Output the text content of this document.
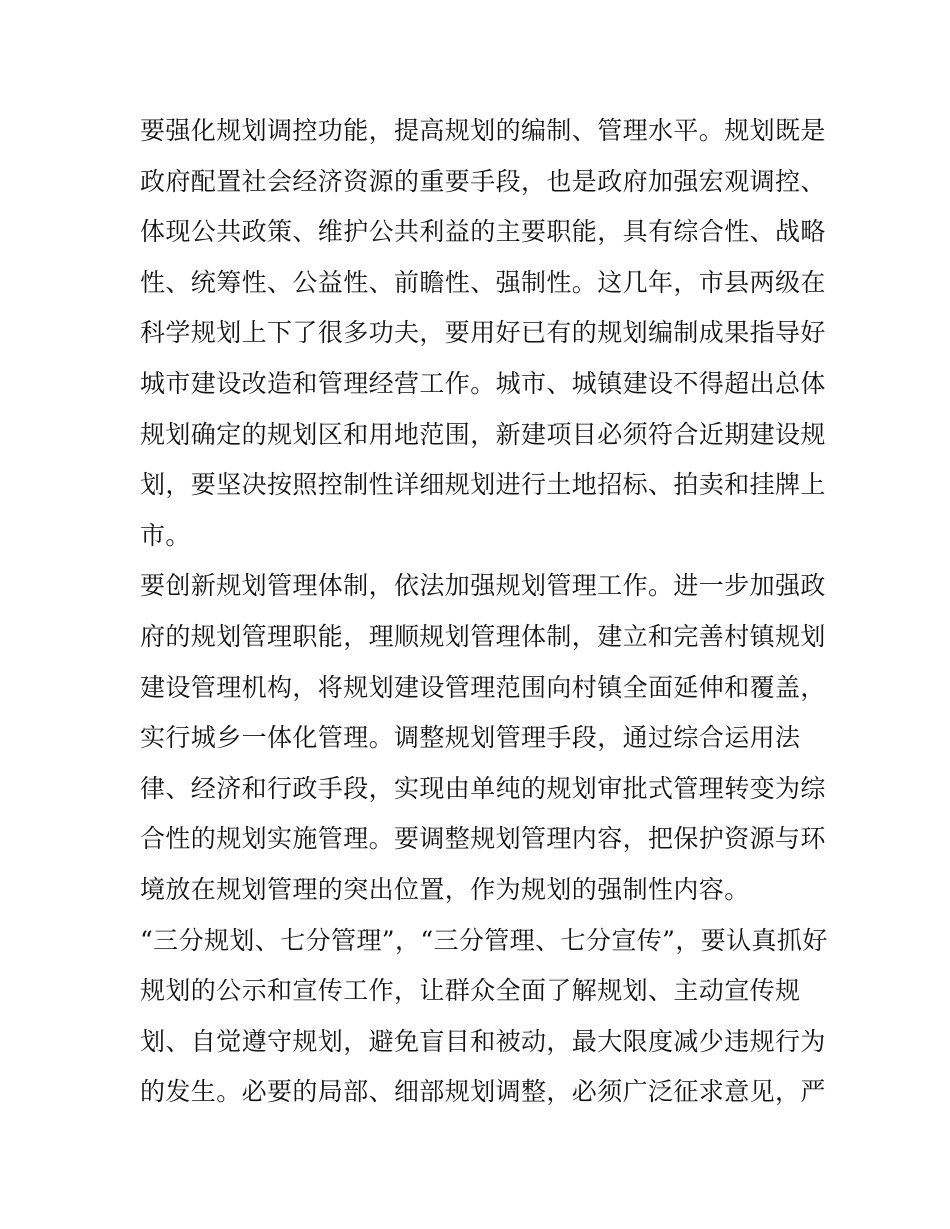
要强化规划调控功能，提高规划的编制、管理水平。规划既是
政府配置社会经济资源的重要手段，也是政府加强宏观调控、
体现公共政策、维护公共利益的主要职能，具有综合性、战略
性、统筹性、公益性、前瞻性、强制性。这几年，市县两级在
科学规划上下了很多功夫，要用好已有的规划编制成果指导好
城市建设改造和管理经营工作。城市、城镇建设不得超出总体
规划确定的规划区和用地范围，新建项目必须符合近期建设规
划，要坚决按照控制性详细规划进行土地招标、拍卖和挂牌上
市。
要创新规划管理体制，依法加强规划管理工作。进一步加强政
府的规划管理职能，理顺规划管理体制，建立和完善村镇规划
建设管理机构，将规划建设管理范围向村镇全面延伸和覆盖，
实行城乡一体化管理。调整规划管理手段，通过综合运用法
律、经济和行政手段，实现由单纯的规划审批式管理转变为综
合性的规划实施管理。要调整规划管理内容，把保护资源与环
境放在规划管理的突出位置，作为规划的强制性内容。
“三分规划、七分管理”，“三分管理、七分宣传”，要认真抓好
规划的公示和宣传工作，让群众全面了解规划、主动宣传规
划、自觉遵守规划，避免盲目和被动，最大限度减少违规行为
的发生。必要的局部、细部规划调整，必须广泛征求意见，严
